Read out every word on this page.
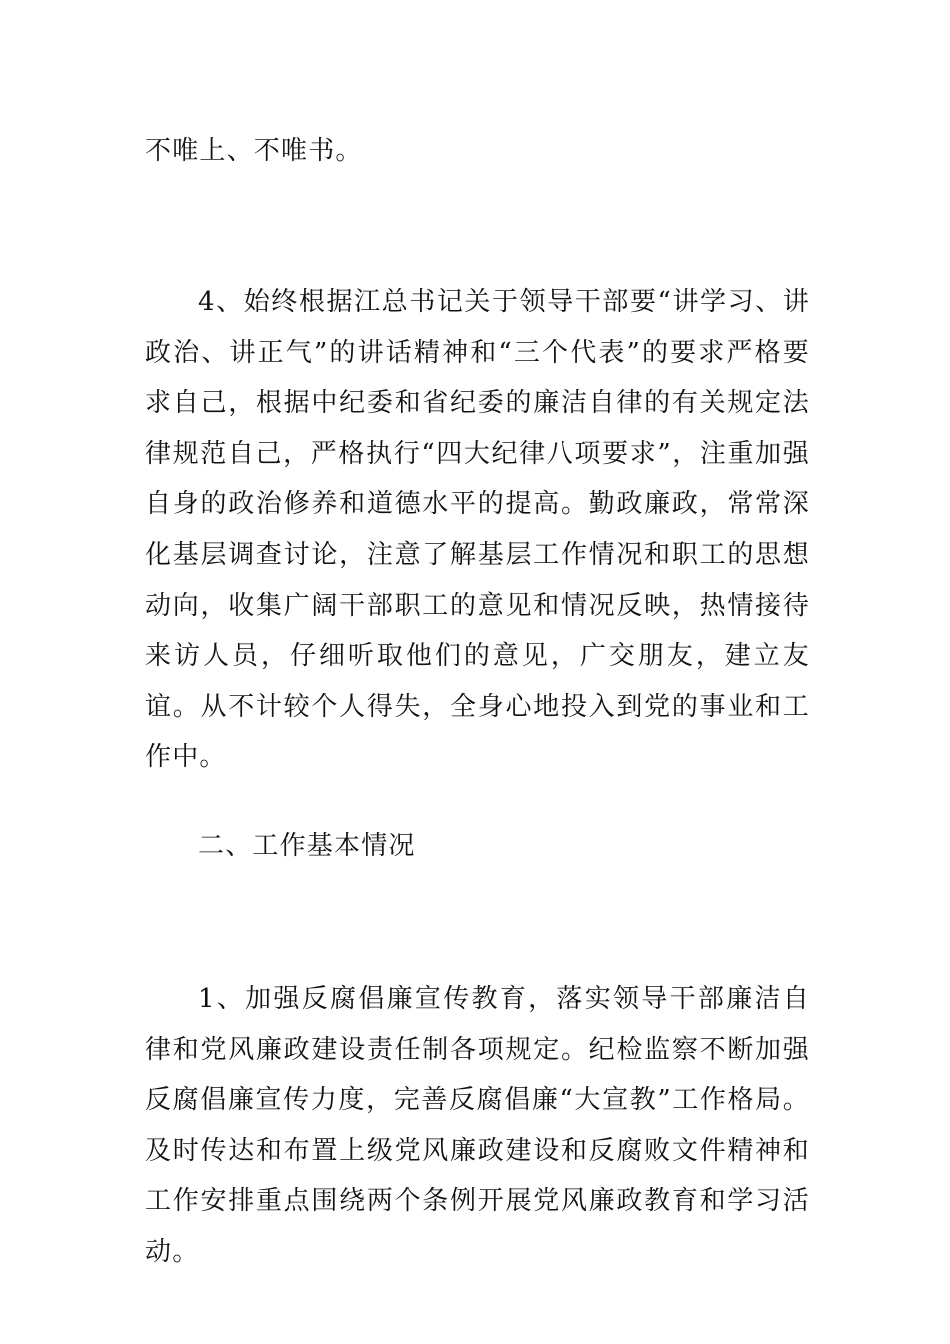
不唯上、不唯书。

4、始终根据江总书记关于领导干部要“讲学习、讲政治、讲正气”的讲话精神和“三个代表”的要求严格要求自己，根据中纪委和省纪委的廉洁自律的有关规定法律规范自己，严格执行“四大纪律八项要求”，注重加强自身的政治修养和道德水平的提高。勤政廉政，常常深化基层调查讨论，注意了解基层工作情况和职工的思想动向，收集广阔干部职工的意见和情况反映，热情接待来访人员，仔细听取他们的意见，广交朋友，建立友谊。从不计较个人得失，全身心地投入到党的事业和工作中。

二、工作基本情况

1、加强反腐倡廉宣传教育，落实领导干部廉洁自律和党风廉政建设责任制各项规定。纪检监察不断加强反腐倡廉宣传力度，完善反腐倡廉“大宣教”工作格局。及时传达和布置上级党风廉政建设和反腐败文件精神和工作安排重点围绕两个条例开展党风廉政教育和学习活动。
